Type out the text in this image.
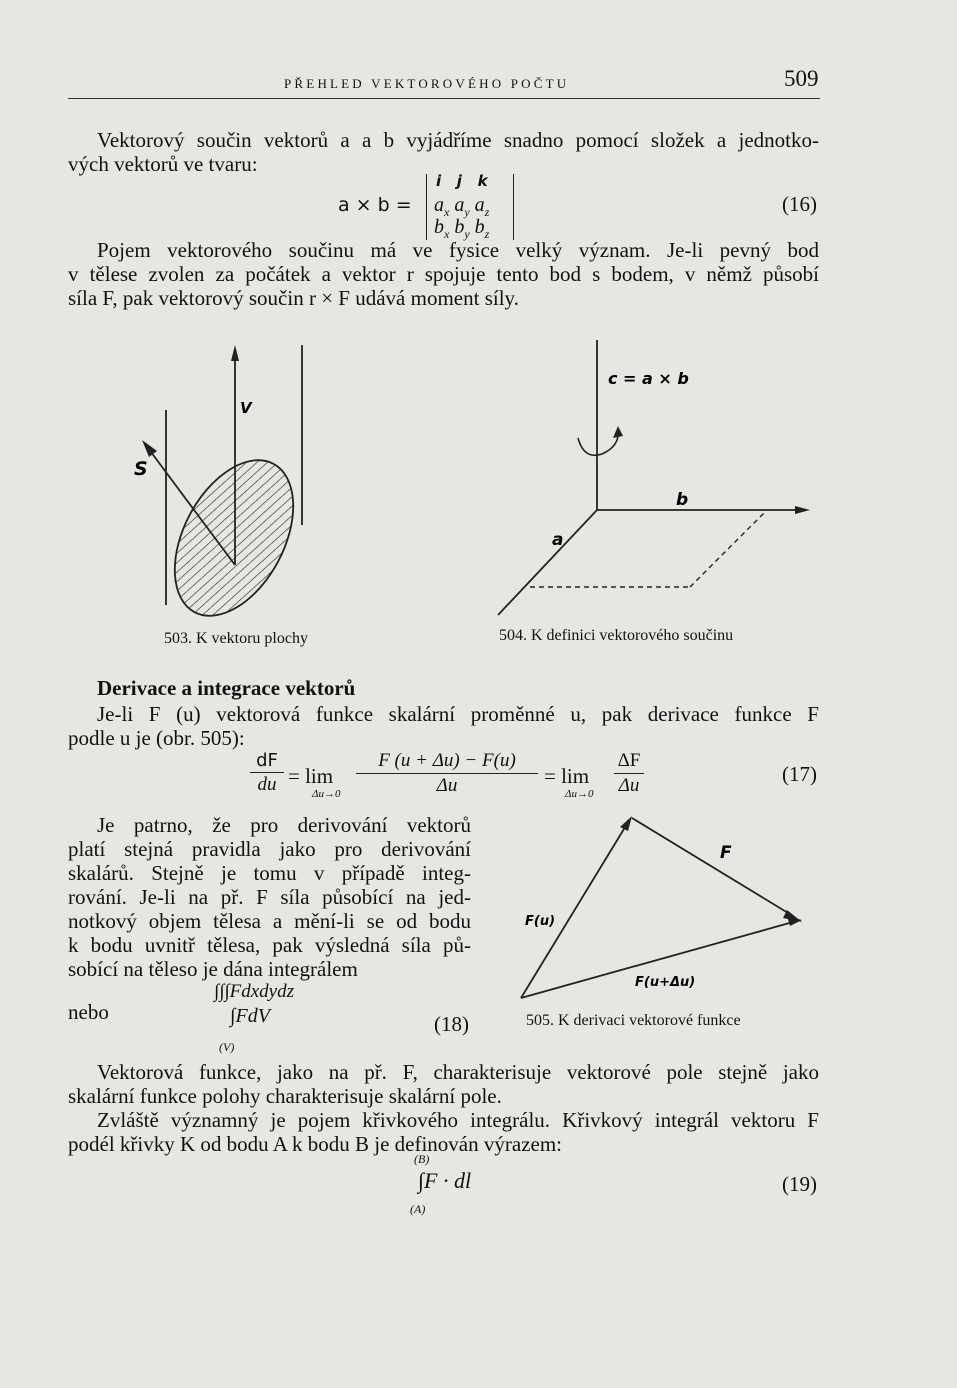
PŘEHLED VEKTOROVÉHO POČTU	509
Vektorový součin vektorů a a b vyjádříme snadno pomocí složek a jednotko-
vých vektorů ve tvaru:
a × b =
i   j   k
$a_x$ $a_y$ $a_z$
$b_x$ $b_y$ $b_z$
(16)
Pojem vektorového součinu má ve fysice velký význam. Je-li pevný bod
v tělese zvolen za počátek a vektor r spojuje tento bod s bodem, v němž působí
síla F, pak vektorový součin r × F udává moment síly.
V
S
503. K vektoru plochy
c = a × b
a
b
504. K definici vektorového součinu
Derivace a integrace vektorů
Je-li F (u) vektorová funkce skalární proměnné u, pak derivace funkce F
podle u je (obr. 505):
dF
du = lim
Δu→0
F (u + Δu) − F(u)
Δu	= lim
Δu→0
ΔF
Δu	(17)
Je patrno, že pro derivování vektorů
platí stejná pravidla jako pro derivování
skalárů. Stejně je tomu v případě integ-
rování. Je-li na př. F síla působící na jed-
notkový objem tělesa a mění-li se od bodu
k bodu uvnitř tělesa, pak výsledná síla pů-
sobící na těleso je dána integrálem
∫∫∫Fdxdydz
nebo	∫FdV
(V)
(18)
F
F(u)
F(u+Δu)
505. K derivaci vektorové funkce
Vektorová funkce, jako na př. F, charakterisuje vektorové pole stejně jako
skalární funkce polohy charakterisuje skalární pole.
Zvláště významný je pojem křivkového integrálu. Křivkový integrál vektoru F
podél křivky K od bodu A k bodu B je definován výrazem:
(B)
∫F · dl
(A)
(19)
